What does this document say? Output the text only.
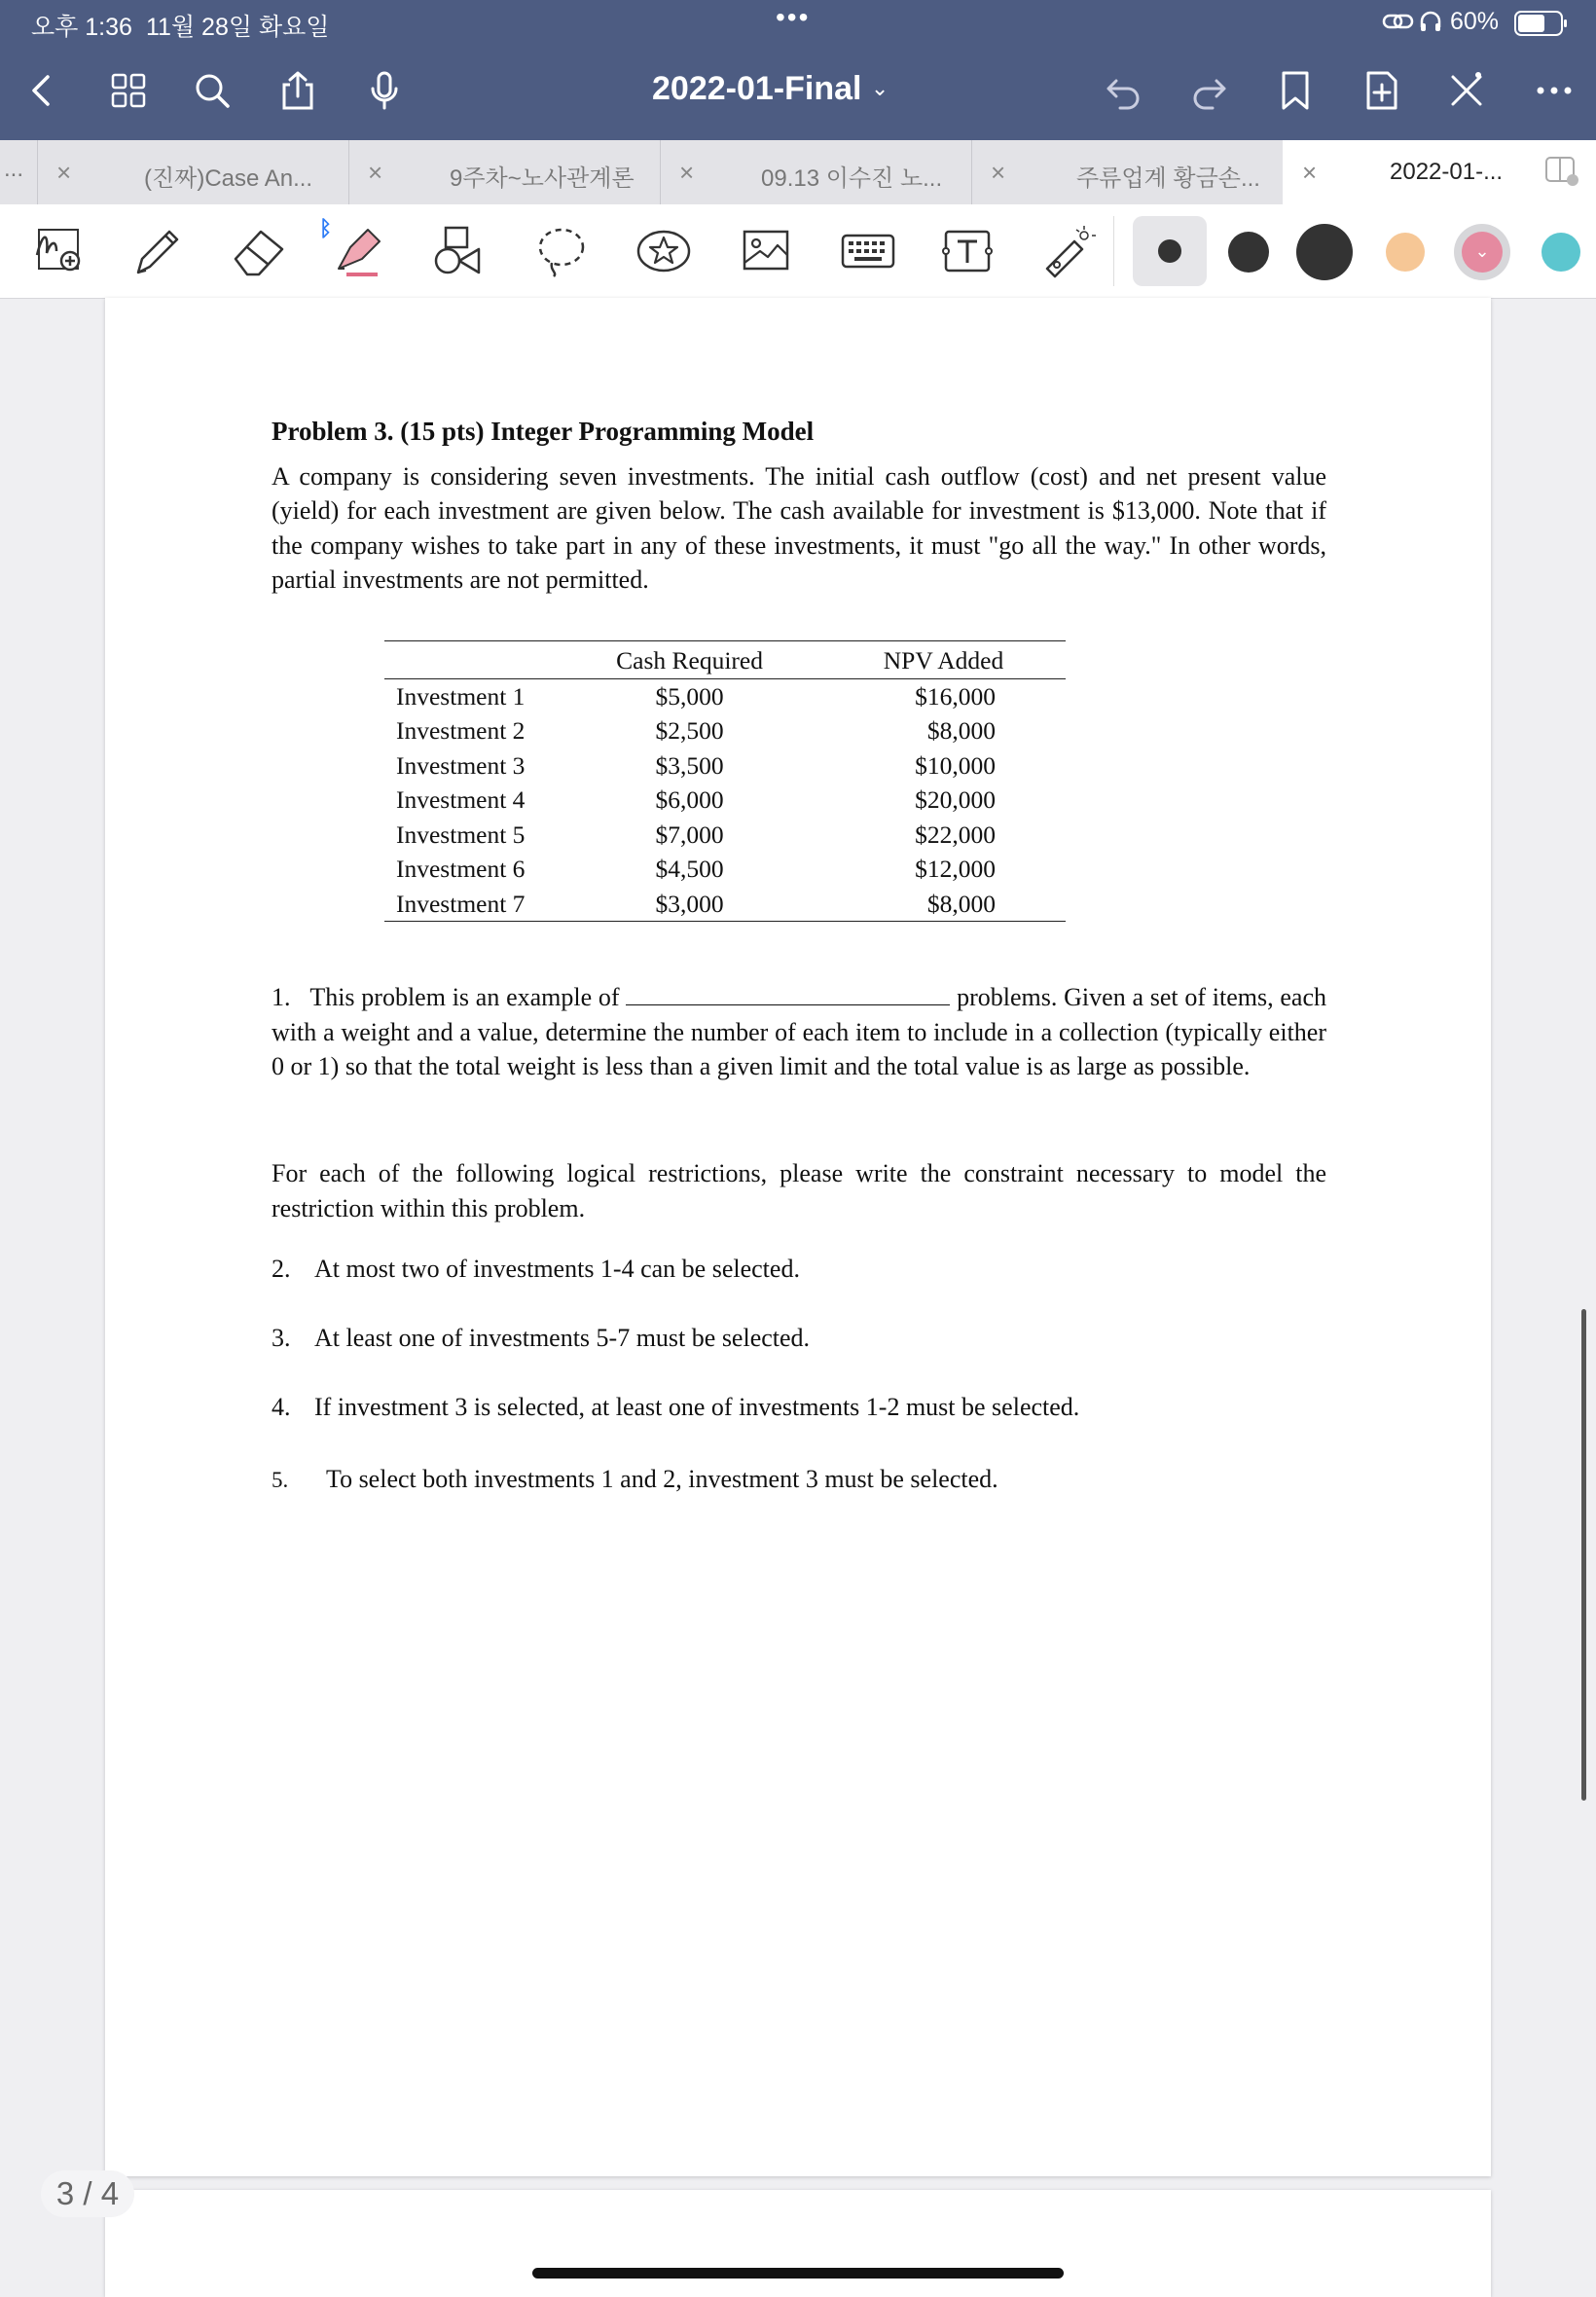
오후 1:36 11월 28일 화요일	•••	60%
2022-01-Final ⌄
... ×	(진짜)Case An...	×	9주차~노사관계론	×	09.13 이수진 노...	×	주류업계 황금손...	×	2022-01-...
ᛒ
⌄

Problem 3. (15 pts) Integer Programming Model

A company is considering seven investments. The initial cash outflow (cost) and net present value (yield) for each investment are given below. The cash available for investment is $13,000. Note that if the company wishes to take part in any of these investments, it must "go all the way." In other words, partial investments are not permitted.

	Cash Required	NPV Added
Investment 1	$5,000	$16,000
Investment 2	$2,500	$8,000
Investment 3	$3,500	$10,000
Investment 4	$6,000	$20,000
Investment 5	$7,000	$22,000
Investment 6	$4,500	$12,000
Investment 7	$3,000	$8,000

1. This problem is an example of	problems. Given a set of items, each with a weight and a value, determine the number of each item to include in a collection (typically either 0 or 1) so that the total weight is less than a given limit and the total value is as large as possible.

For each of the following logical restrictions, please write the constraint necessary to model the restriction within this problem.

2. At most two of investments 1-4 can be selected.
3. At least one of investments 5-7 must be selected.
4. If investment 3 is selected, at least one of investments 1-2 must be selected.
5. To select both investments 1 and 2, investment 3 must be selected.
3 / 4
